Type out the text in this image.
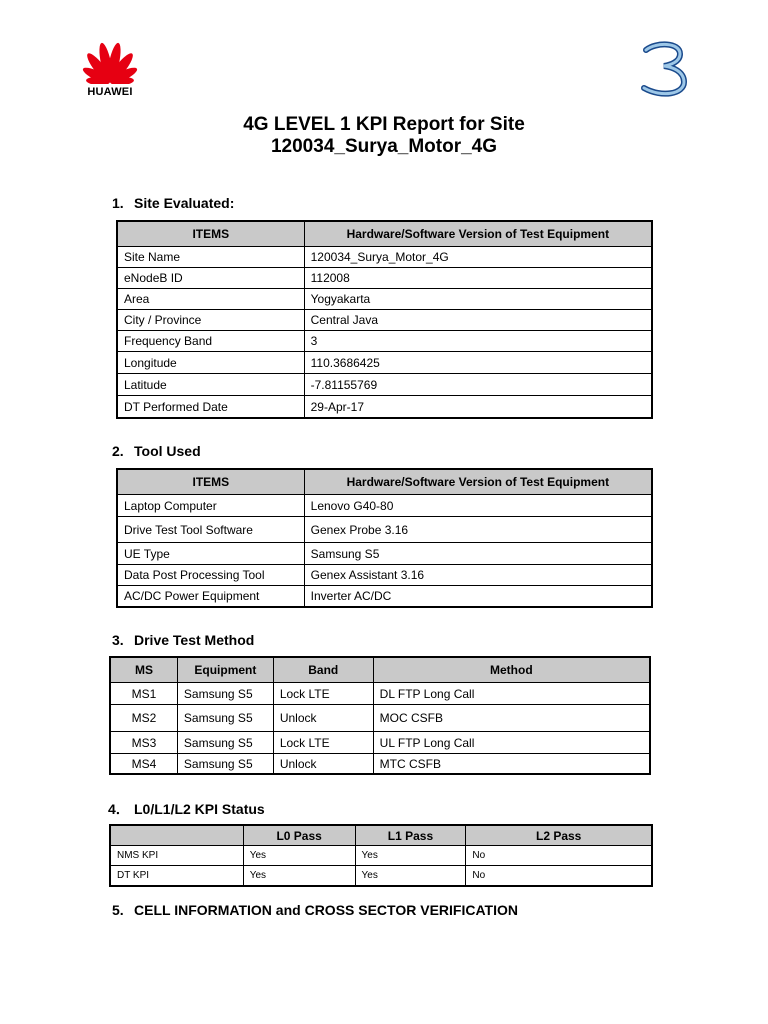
HUAWEI
4G LEVEL 1 KPI Report for Site
120034_Surya_Motor_4G
1. Site Evaluated:
ITEMS	Hardware/Software Version of Test Equipment
Site Name	120034_Surya_Motor_4G
eNodeB ID	112008
Area	Yogyakarta
City / Province	Central Java
Frequency Band	3
Longitude	110.3686425
Latitude	-7.81155769
DT Performed Date	29-Apr-17
2. Tool Used
ITEMS	Hardware/Software Version of Test Equipment
Laptop Computer	Lenovo G40-80
Drive Test Tool Software	Genex Probe 3.16
UE Type	Samsung S5
Data Post Processing Tool	Genex Assistant 3.16
AC/DC Power Equipment	Inverter AC/DC
3. Drive Test Method
MS	Equipment	Band	Method
MS1	Samsung S5	Lock LTE	DL FTP Long Call
MS2	Samsung S5	Unlock	MOC CSFB
MS3	Samsung S5	Lock LTE	UL FTP Long Call
MS4	Samsung S5	Unlock	MTC CSFB
4． L0/L1/L2 KPI Status
	L0 Pass	L1 Pass	L2 Pass
NMS KPI	Yes	Yes	No
DT KPI	Yes	Yes	No
5. CELL INFORMATION and CROSS SECTOR VERIFICATION
